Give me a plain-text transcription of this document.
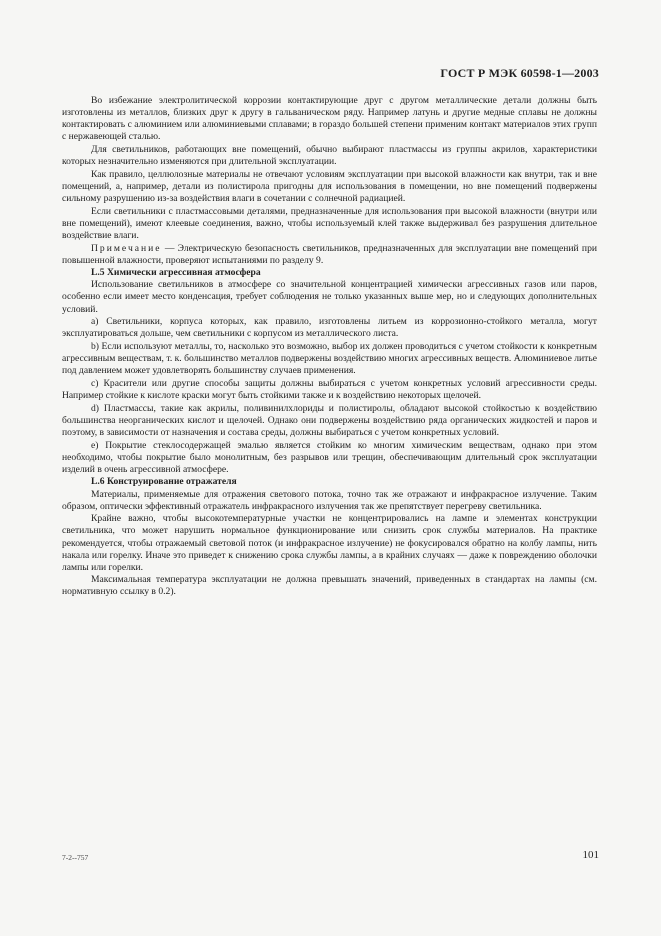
ГОСТ Р МЭК 60598-1—2003

Во избежание электролитической коррозии контактирующие друг с другом металлические детали должны быть изготовлены из металлов, близких друг к другу в гальваническом ряду. Например латунь и другие медные сплавы не должны контактировать с алюминием или алюминиевыми сплавами; в гораздо большей степени применим контакт материалов этих групп с нержавеющей сталью.

Для светильников, работающих вне помещений, обычно выбирают пластмассы из группы акрилов, характеристики которых незначительно изменяются при длительной эксплуатации.

Как правило, целлюлозные материалы не отвечают условиям эксплуатации при высокой влажности как внутри, так и вне помещений, а, например, детали из полистирола пригодны для использования в помещении, но вне помещений подвержены сильному разрушению из-за воздействия влаги в сочетании с солнечной радиацией.

Если светильники с пластмассовыми деталями, предназначенные для использования при высокой влажности (внутри или вне помещений), имеют клеевые соединения, важно, чтобы используемый клей также выдерживал без разрушения длительное воздействие влаги.

Примечание — Электрическую безопасность светильников, предназначенных для эксплуатации вне помещений при повышенной влажности, проверяют испытаниями по разделу 9.

L.5 Химически агрессивная атмосфера

Использование светильников в атмосфере со значительной концентрацией химически агрессивных газов или паров, особенно если имеет место конденсация, требует соблюдения не только указанных выше мер, но и следующих дополнительных условий.

а) Светильники, корпуса которых, как правило, изготовлены литьем из коррозионно-стойкого металла, могут эксплуатироваться дольше, чем светильники с корпусом из металлического листа.

b) Если используют металлы, то, насколько это возможно, выбор их должен проводиться с учетом стойкости к конкретным агрессивным веществам, т. к. большинство металлов подвержены воздействию многих агрессивных веществ. Алюминиевое литье под давлением может удовлетворять большинству случаев применения.

с) Красители или другие способы защиты должны выбираться с учетом конкретных условий агрессивности среды. Например стойкие к кислоте краски могут быть стойкими также и к воздействию некоторых щелочей.

d) Пластмассы, такие как акрилы, поливинилхлориды и полистиролы, обладают высокой стойкостью к воздействию большинства неорганических кислот и щелочей. Однако они подвержены воздействию ряда органических жидкостей и паров и поэтому, в зависимости от назначения и состава среды, должны выбираться с учетом конкретных условий.

е) Покрытие стеклосодержащей эмалью является стойким ко многим химическим веществам, однако при этом необходимо, чтобы покрытие было монолитным, без разрывов или трещин, обеспечивающим длительный срок эксплуатации изделий в очень агрессивной атмосфере.

L.6 Конструирование отражателя

Материалы, применяемые для отражения светового потока, точно так же отражают и инфракрасное излучение. Таким образом, оптически эффективный отражатель инфракрасного излучения так же препятствует перегреву светильника.

Крайне важно, чтобы высокотемпературные участки не концентрировались на лампе и элементах конструкции светильника, что может нарушить нормальное функционирование или снизить срок службы материалов. На практике рекомендуется, чтобы отражаемый световой поток (и инфракрасное излучение) не фокусировался обратно на колбу лампы, нить накала или горелку. Иначе это приведет к снижению срока службы лампы, а в крайних случаях — даже к повреждению оболочки лампы или горелки.

Максимальная температура эксплуатации не должна превышать значений, приведенных в стандартах на лампы (см. нормативную ссылку в 0.2).

7-2--757	101
